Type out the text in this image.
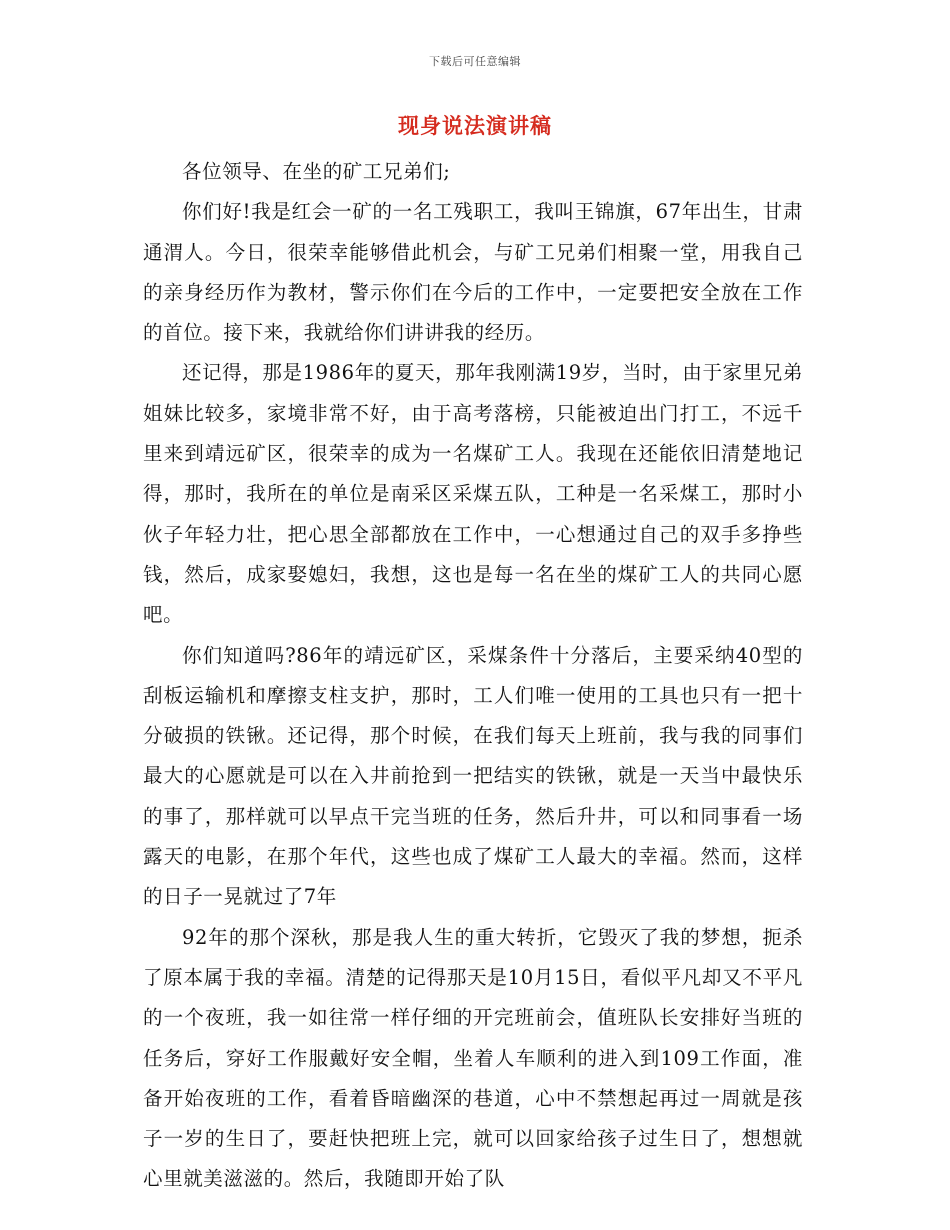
下载后可任意编辑
现身说法演讲稿

各位领导、在坐的矿工兄弟们;

你们好!我是红会一矿的一名工残职工，我叫王锦旗，67年出生，甘肃通渭人。今日，很荣幸能够借此机会，与矿工兄弟们相聚一堂，用我自己的亲身经历作为教材，警示你们在今后的工作中，一定要把安全放在工作的首位。接下来，我就给你们讲讲我的经历。

还记得，那是1986年的夏天，那年我刚满19岁，当时，由于家里兄弟姐妹比较多，家境非常不好，由于高考落榜，只能被迫出门打工，不远千里来到靖远矿区，很荣幸的成为一名煤矿工人。我现在还能依旧清楚地记得，那时，我所在的单位是南采区采煤五队，工种是一名采煤工，那时小伙子年轻力壮，把心思全部都放在工作中，一心想通过自己的双手多挣些钱，然后，成家娶媳妇，我想，这也是每一名在坐的煤矿工人的共同心愿吧。

你们知道吗?86年的靖远矿区，采煤条件十分落后，主要采纳40型的刮板运输机和摩擦支柱支护，那时，工人们唯一使用的工具也只有一把十分破损的铁锹。还记得，那个时候，在我们每天上班前，我与我的同事们最大的心愿就是可以在入井前抢到一把结实的铁锹，就是一天当中最快乐的事了，那样就可以早点干完当班的任务，然后升井，可以和同事看一场露天的电影，在那个年代，这些也成了煤矿工人最大的幸福。然而，这样的日子一晃就过了7年

92年的那个深秋，那是我人生的重大转折，它毁灭了我的梦想，扼杀了原本属于我的幸福。清楚的记得那天是10月15日，看似平凡却又不平凡的一个夜班，我一如往常一样仔细的开完班前会，值班队长安排好当班的任务后，穿好工作服戴好安全帽，坐着人车顺利的进入到109工作面，准备开始夜班的工作，看着昏暗幽深的巷道，心中不禁想起再过一周就是孩子一岁的生日了，要赶快把班上完，就可以回家给孩子过生日了，想想就心里就美滋滋的。然后，我随即开始了队
